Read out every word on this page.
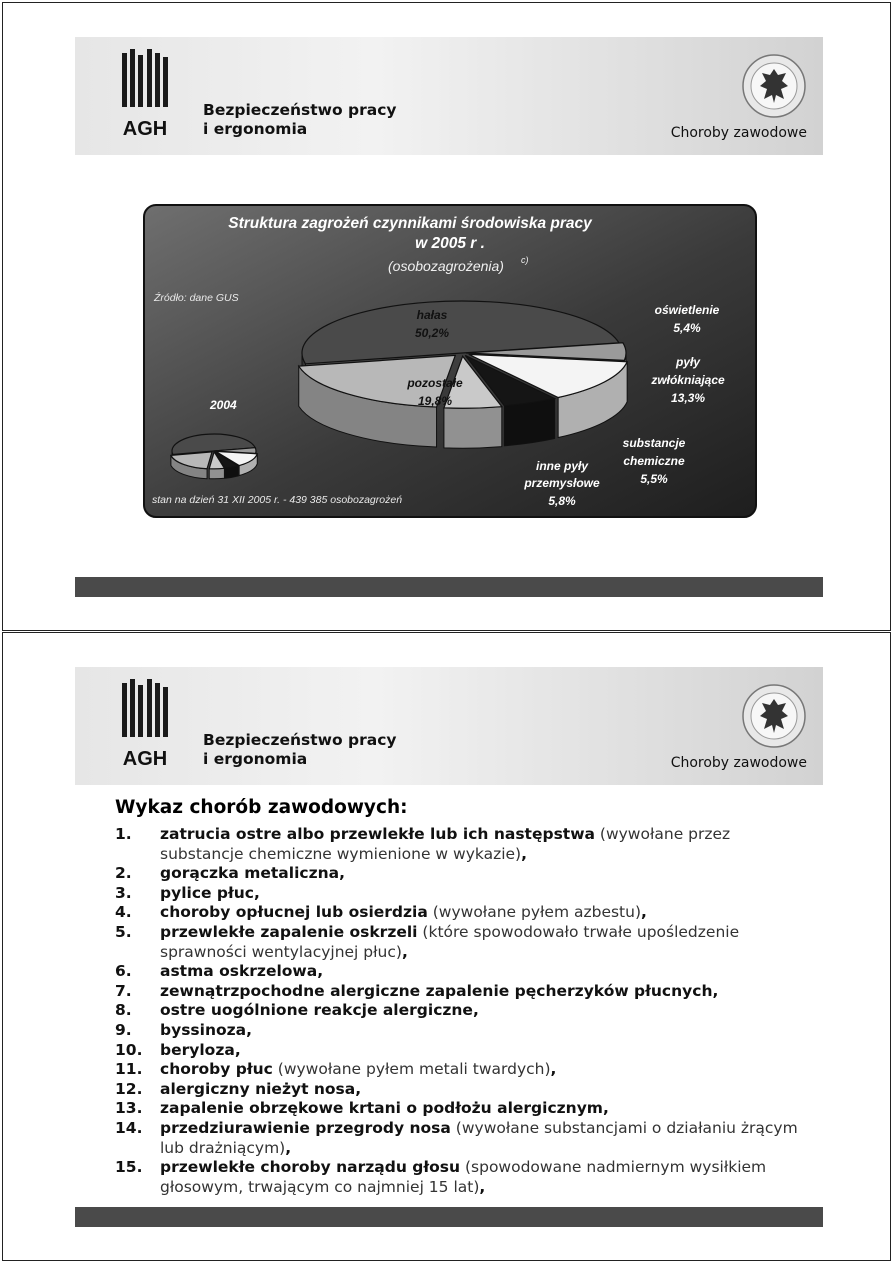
AGH
Bezpieczeństwo pracy
i ergonomia	Choroby zawodowe
Struktura zagrożeń czynnikami środowiska pracy
w 2005 r .
(osobozagrożenia) c)
Źródło: dane GUS
2004
stan na dzień 31 XII 2005 r. - 439 385 osobozagrożeń
hałas
50,2%
oświetlenie
5,4%
pyły
zwłókniające
13,3%
substancje
chemiczne
5,5%
inne pyły
przemysłowe
5,8%
pozostałe
19,8%
AGH
Bezpieczeństwo pracy
i ergonomia	Choroby zawodowe
Wykaz chorób zawodowych:
1.	zatrucia ostre albo przewlekłe lub ich następstwa (wywołane przez substancje chemiczne wymienione w wykazie),
2.	gorączka metaliczna,
3.	pylice płuc,
4.	choroby opłucnej lub osierdzia (wywołane pyłem azbestu),
5.	przewlekłe zapalenie oskrzeli (które spowodowało trwałe upośledzenie sprawności wentylacyjnej płuc),
6.	astma oskrzelowa,
7.	zewnątrzpochodne alergiczne zapalenie pęcherzyków płucnych,
8.	ostre uogólnione reakcje alergiczne,
9.	byssinoza,
10.	beryloza,
11.	choroby płuc (wywołane pyłem metali twardych),
12.	alergiczny nieżyt nosa,
13.	zapalenie obrzękowe krtani o podłożu alergicznym,
14.	przedziurawienie przegrody nosa (wywołane substancjami o działaniu żrącym lub drażniącym),
15.	przewlekłe choroby narządu głosu (spowodowane nadmiernym wysiłkiem głosowym, trwającym co najmniej 15 lat),
